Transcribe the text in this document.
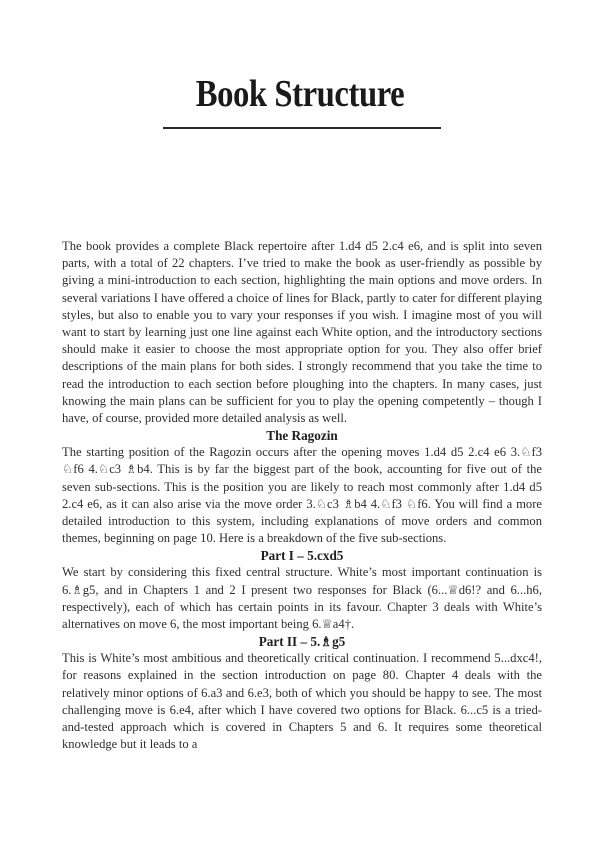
Book Structure

The book provides a complete Black repertoire after 1.d4 d5 2.c4 e6, and is split into seven parts, with a total of 22 chapters. I’ve tried to make the book as user-friendly as possible by giving a mini-introduction to each section, highlighting the main options and move orders. In several variations I have offered a choice of lines for Black, partly to cater for different playing styles, but also to enable you to vary your responses if you wish. I imagine most of you will want to start by learning just one line against each White option, and the introductory sections should make it easier to choose the most appropriate option for you. They also offer brief descriptions of the main plans for both sides. I strongly recommend that you take the time to read the introduction to each section before ploughing into the chapters. In many cases, just knowing the main plans can be sufficient for you to play the opening competently – though I have, of course, provided more detailed analysis as well.

The Ragozin

The starting position of the Ragozin occurs after the opening moves 1.d4 d5 2.c4 e6 3.♘f3 ♘f6 4.♘c3 ♗b4. This is by far the biggest part of the book, accounting for five out of the seven sub-sections. This is the position you are likely to reach most commonly after 1.d4 d5 2.c4 e6, as it can also arise via the move order 3.♘c3 ♗b4 4.♘f3 ♘f6. You will find a more detailed introduction to this system, including explanations of move orders and common themes, beginning on page 10. Here is a breakdown of the five sub-sections.

Part I – 5.cxd5

We start by considering this fixed central structure. White’s most important continuation is 6.♗g5, and in Chapters 1 and 2 I present two responses for Black (6...♕d6!? and 6...h6, respectively), each of which has certain points in its favour. Chapter 3 deals with White’s alternatives on move 6, the most important being 6.♕a4†.

Part II – 5.♗g5

This is White’s most ambitious and theoretically critical continuation. I recommend 5...dxc4!, for reasons explained in the section introduction on page 80. Chapter 4 deals with the relatively minor options of 6.a3 and 6.e3, both of which you should be happy to see. The most challenging move is 6.e4, after which I have covered two options for Black. 6...c5 is a tried-and-tested approach which is covered in Chapters 5 and 6. It requires some theoretical knowledge but it leads to a
